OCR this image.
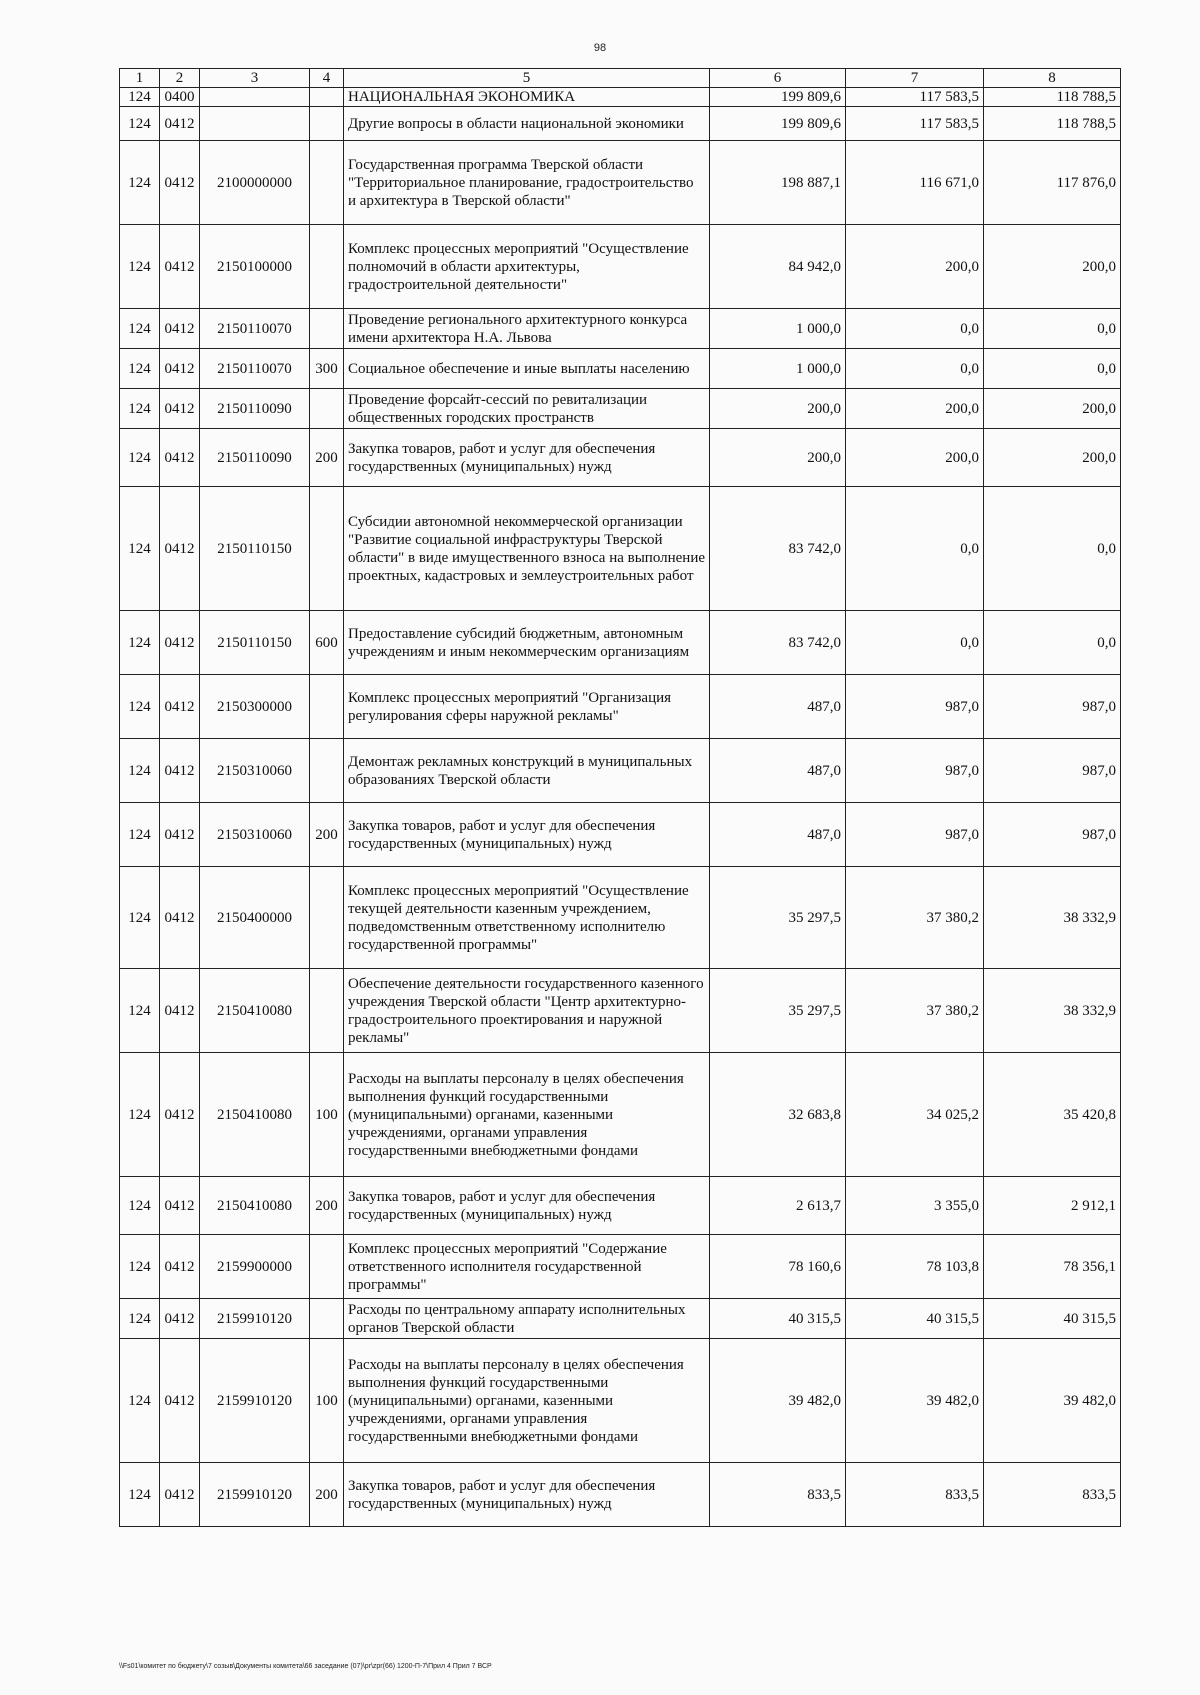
98
1	2	3	4	5	6	7	8
124	0400			НАЦИОНАЛЬНАЯ ЭКОНОМИКА	199 809,6	117 583,5	118 788,5
124	0412			Другие вопросы в области национальной экономики	199 809,6	117 583,5	118 788,5
124	0412	2100000000		Государственная программа Тверской области "Территориальное планирование, градостроительство и архитектура в Тверской области"	198 887,1	116 671,0	117 876,0
124	0412	2150100000		Комплекс процессных мероприятий "Осуществление полномочий в области архитектуры, градостроительной деятельности"	84 942,0	200,0	200,0
124	0412	2150110070		Проведение регионального архитектурного конкурса имени архитектора Н.А. Львова	1 000,0	0,0	0,0
124	0412	2150110070	300	Социальное обеспечение и иные выплаты населению	1 000,0	0,0	0,0
124	0412	2150110090		Проведение форсайт-сессий по ревитализации общественных городских пространств	200,0	200,0	200,0
124	0412	2150110090	200	Закупка товаров, работ и услуг для обеспечения государственных (муниципальных) нужд	200,0	200,0	200,0
124	0412	2150110150		Субсидии автономной некоммерческой организации "Развитие социальной инфраструктуры Тверской области" в виде имущественного взноса на выполнение проектных, кадастровых и землеустроительных работ	83 742,0	0,0	0,0
124	0412	2150110150	600	Предоставление субсидий бюджетным, автономным учреждениям и иным некоммерческим организациям	83 742,0	0,0	0,0
124	0412	2150300000		Комплекс процессных мероприятий "Организация регулирования сферы наружной рекламы"	487,0	987,0	987,0
124	0412	2150310060		Демонтаж рекламных конструкций в муниципальных образованиях Тверской области	487,0	987,0	987,0
124	0412	2150310060	200	Закупка товаров, работ и услуг для обеспечения государственных (муниципальных) нужд	487,0	987,0	987,0
124	0412	2150400000		Комплекс процессных мероприятий "Осуществление текущей деятельности казенным учреждением, подведомственным ответственному исполнителю государственной программы"	35 297,5	37 380,2	38 332,9
124	0412	2150410080		Обеспечение деятельности государственного казенного учреждения Тверской области "Центр архитектурно-градостроительного проектирования и наружной рекламы"	35 297,5	37 380,2	38 332,9
124	0412	2150410080	100	Расходы на выплаты персоналу в целях обеспечения выполнения функций государственными (муниципальными) органами, казенными учреждениями, органами управления государственными внебюджетными фондами	32 683,8	34 025,2	35 420,8
124	0412	2150410080	200	Закупка товаров, работ и услуг для обеспечения государственных (муниципальных) нужд	2 613,7	3 355,0	2 912,1
124	0412	2159900000		Комплекс процессных мероприятий "Содержание ответственного исполнителя государственной программы"	78 160,6	78 103,8	78 356,1
124	0412	2159910120		Расходы по центральному аппарату исполнительных органов Тверской области	40 315,5	40 315,5	40 315,5
124	0412	2159910120	100	Расходы на выплаты персоналу в целях обеспечения выполнения функций государственными (муниципальными) органами, казенными учреждениями, органами управления государственными внебюджетными фондами	39 482,0	39 482,0	39 482,0
124	0412	2159910120	200	Закупка товаров, работ и услуг для обеспечения государственных (муниципальных) нужд	833,5	833,5	833,5
\\Fs01\комитет по бюджету\7 созыв\Документы комитета\66 заседание (07)\pr\zpr(66) 1200-П-7\Прил 4 Прил 7 ВСР
